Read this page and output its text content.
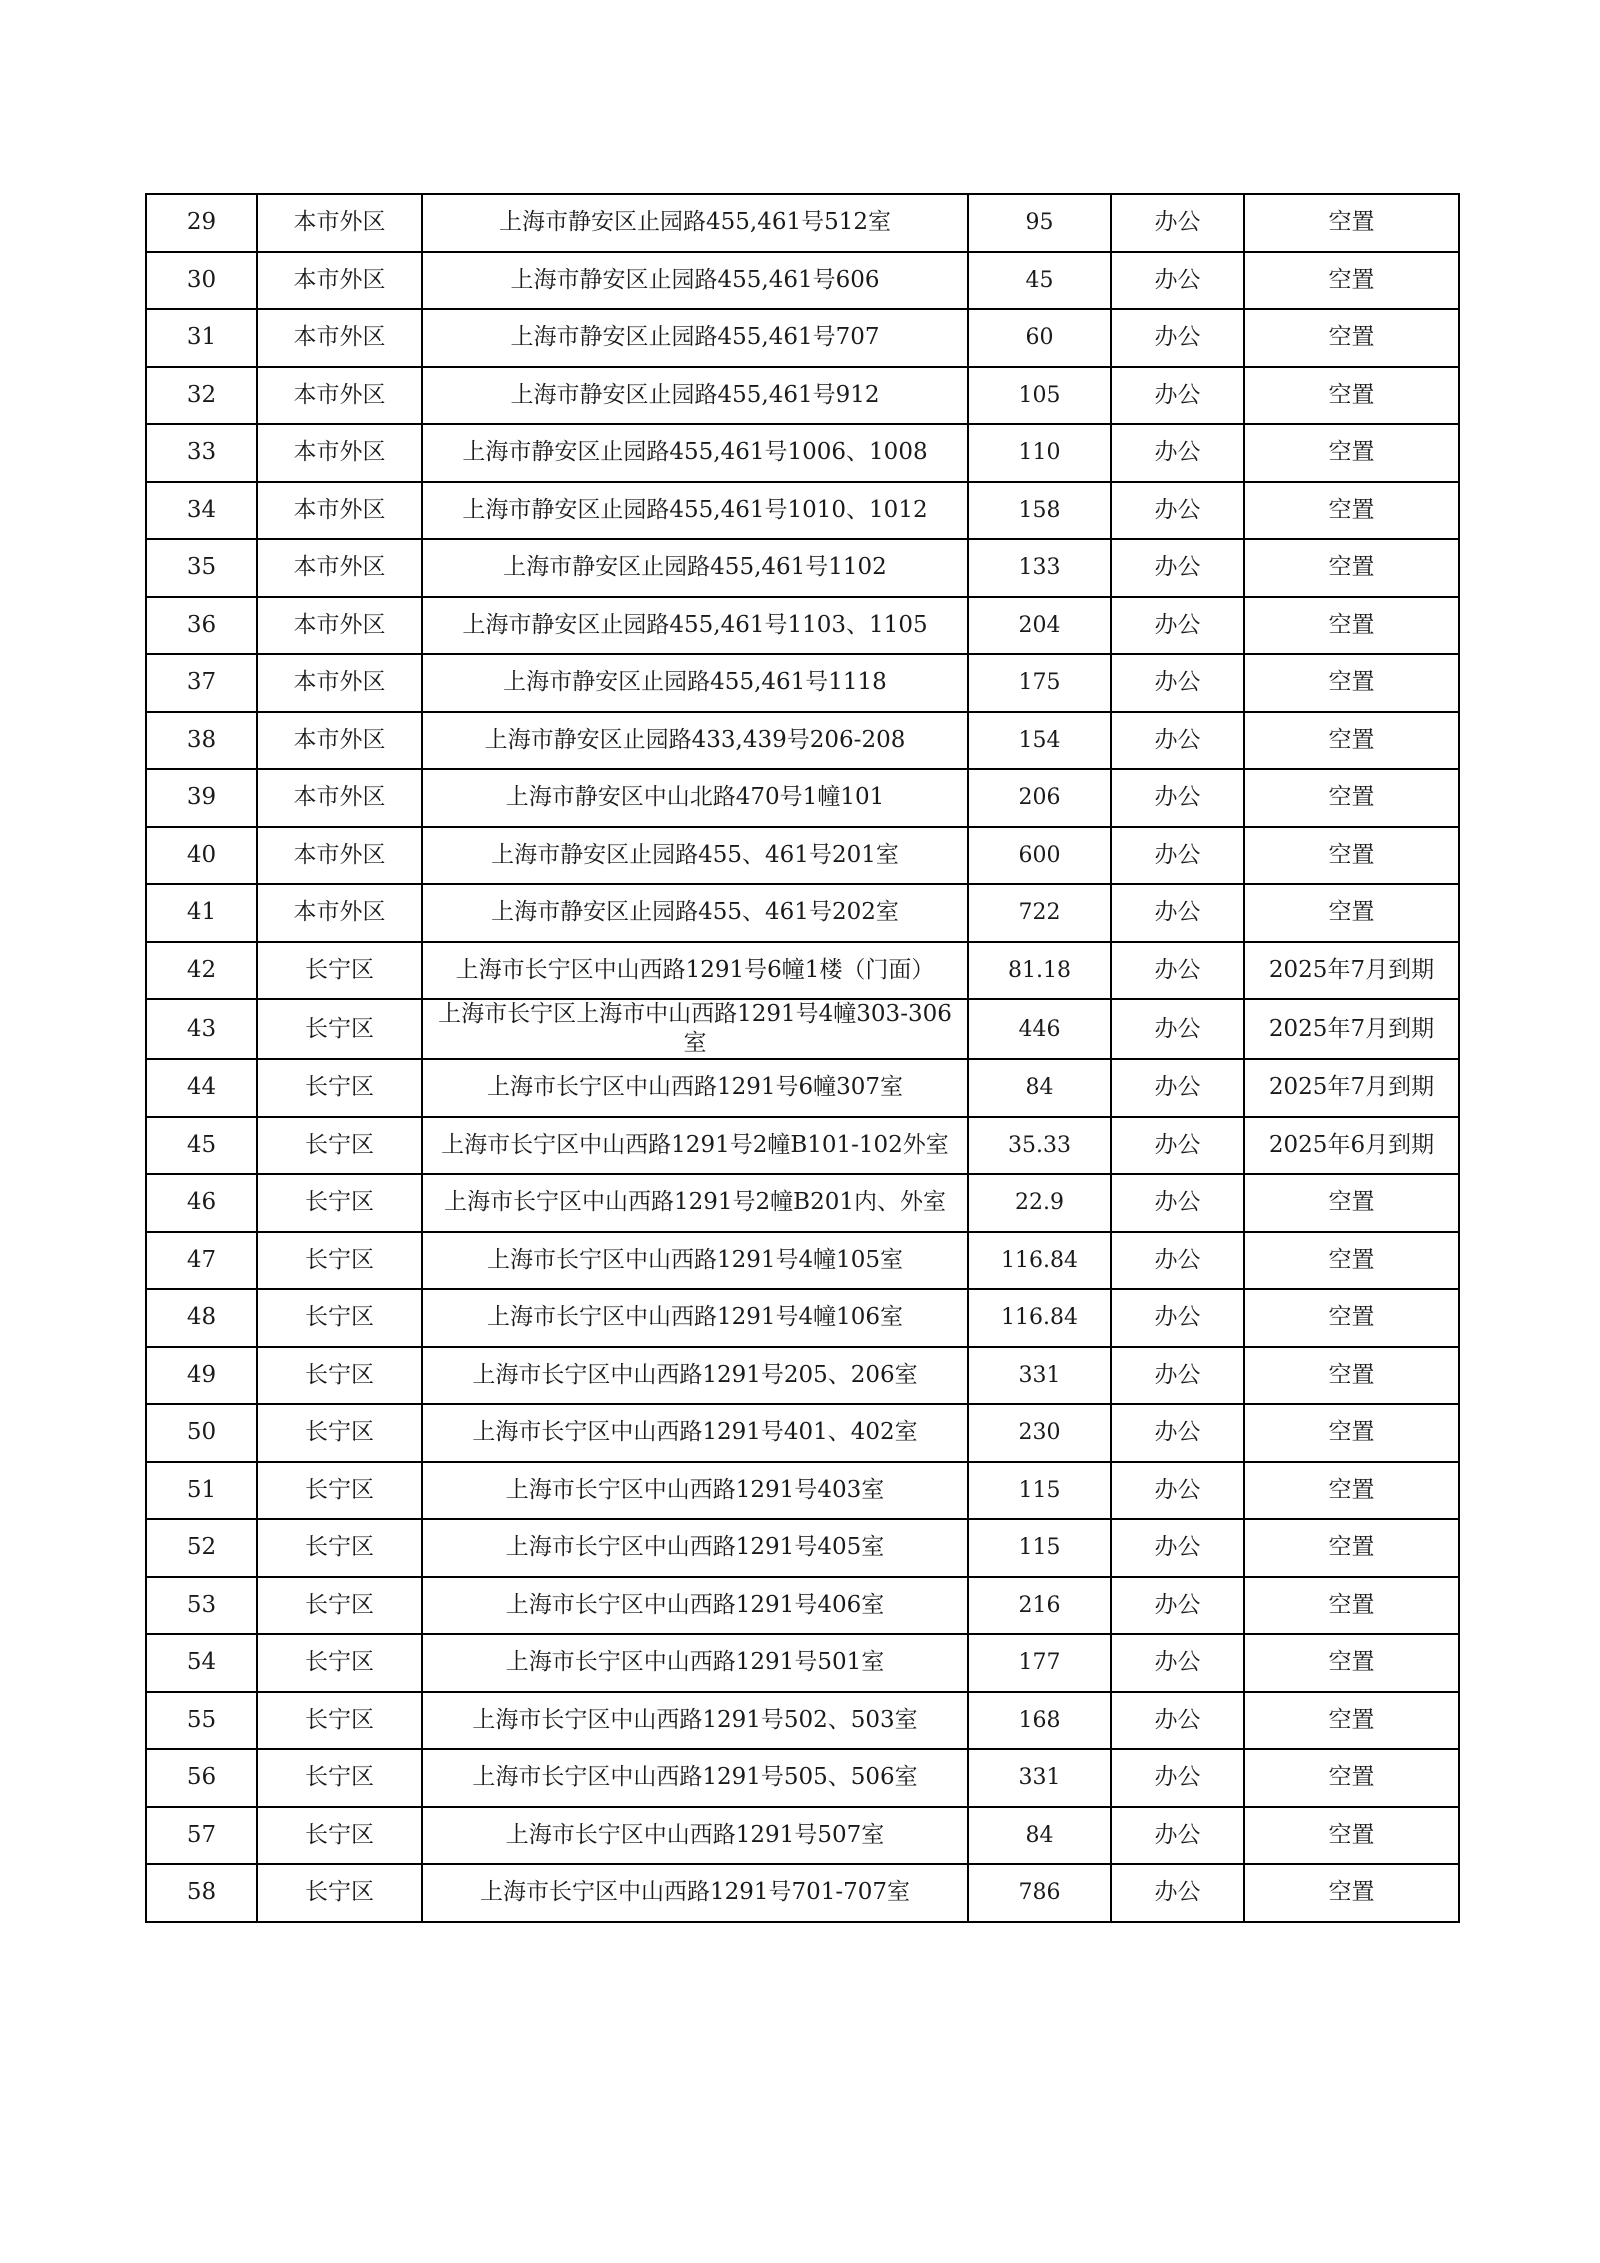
29	本市外区	上海市静安区止园路455,461号512室	95	办公	空置
30	本市外区	上海市静安区止园路455,461号606	45	办公	空置
31	本市外区	上海市静安区止园路455,461号707	60	办公	空置
32	本市外区	上海市静安区止园路455,461号912	105	办公	空置
33	本市外区	上海市静安区止园路455,461号1006、1008	110	办公	空置
34	本市外区	上海市静安区止园路455,461号1010、1012	158	办公	空置
35	本市外区	上海市静安区止园路455,461号1102	133	办公	空置
36	本市外区	上海市静安区止园路455,461号1103、1105	204	办公	空置
37	本市外区	上海市静安区止园路455,461号1118	175	办公	空置
38	本市外区	上海市静安区止园路433,439号206-208	154	办公	空置
39	本市外区	上海市静安区中山北路470号1幢101	206	办公	空置
40	本市外区	上海市静安区止园路455、461号201室	600	办公	空置
41	本市外区	上海市静安区止园路455、461号202室	722	办公	空置
42	长宁区	上海市长宁区中山西路1291号6幢1楼（门面）	81.18	办公	2025年7月到期
43	长宁区	上海市长宁区上海市中山西路1291号4幢303-306室	446	办公	2025年7月到期
44	长宁区	上海市长宁区中山西路1291号6幢307室	84	办公	2025年7月到期
45	长宁区	上海市长宁区中山西路1291号2幢B101-102外室	35.33	办公	2025年6月到期
46	长宁区	上海市长宁区中山西路1291号2幢B201内、外室	22.9	办公	空置
47	长宁区	上海市长宁区中山西路1291号4幢105室	116.84	办公	空置
48	长宁区	上海市长宁区中山西路1291号4幢106室	116.84	办公	空置
49	长宁区	上海市长宁区中山西路1291号205、206室	331	办公	空置
50	长宁区	上海市长宁区中山西路1291号401、402室	230	办公	空置
51	长宁区	上海市长宁区中山西路1291号403室	115	办公	空置
52	长宁区	上海市长宁区中山西路1291号405室	115	办公	空置
53	长宁区	上海市长宁区中山西路1291号406室	216	办公	空置
54	长宁区	上海市长宁区中山西路1291号501室	177	办公	空置
55	长宁区	上海市长宁区中山西路1291号502、503室	168	办公	空置
56	长宁区	上海市长宁区中山西路1291号505、506室	331	办公	空置
57	长宁区	上海市长宁区中山西路1291号507室	84	办公	空置
58	长宁区	上海市长宁区中山西路1291号701-707室	786	办公	空置
